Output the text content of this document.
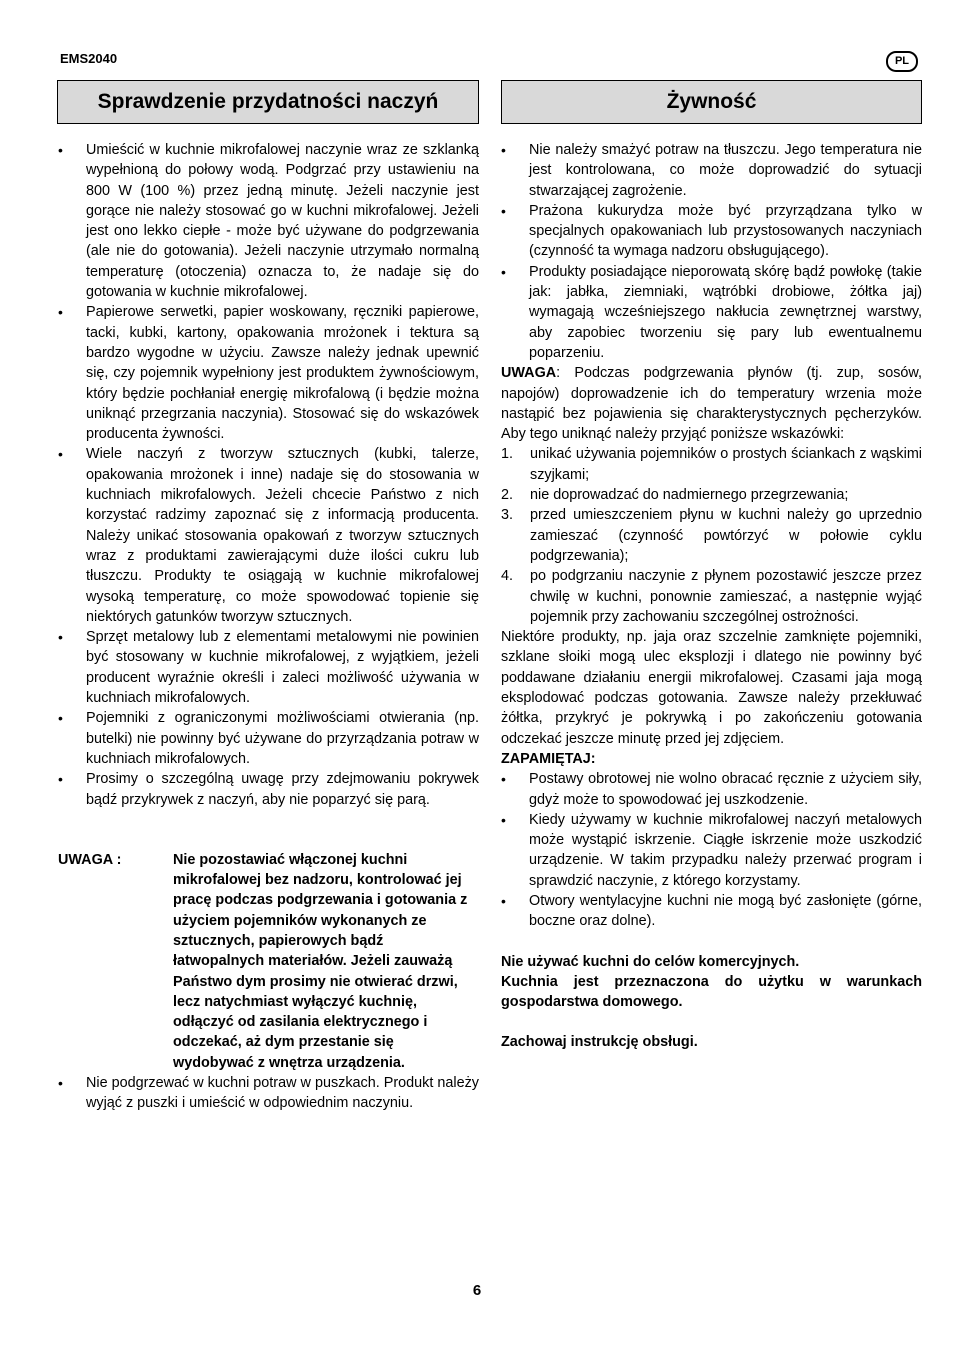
EMS2040	PL
Sprawdzenie przydatności naczyń	Żywność
• Umieścić w kuchnie mikrofalowej naczynie wraz ze szklanką wypełnioną do połowy wodą. Podgrzać przy ustawieniu na 800 W (100 %) przez jedną minutę. Jeżeli naczynie jest gorące nie należy stosować go w kuchni mikrofalowej. Jeżeli jest ono lekko ciepłe - może być używane do podgrzewania (ale nie do gotowania). Jeżeli naczynie utrzymało normalną temperaturę (otoczenia) oznacza to, że nadaje się do gotowania w kuchnie mikrofalowej.
• Papierowe serwetki, papier woskowany, ręczniki papierowe, tacki, kubki, kartony, opakowania mrożonek i tektura są bardzo wygodne w użyciu. Zawsze należy jednak upewnić się, czy pojemnik wypełniony jest produktem żywnościowym, który będzie pochłaniał energię mikrofalową (i będzie można uniknąć przegrzania naczynia). Stosować się do wskazówek producenta żywności.
• Wiele naczyń z tworzyw sztucznych (kubki, talerze, opakowania mrożonek i inne) nadaje się do stosowania w kuchniach mikrofalowych. Jeżeli chcecie Państwo z nich korzystać radzimy zapoznać się z informacją producenta. Należy unikać stosowania opakowań z tworzyw sztucznych wraz z produktami zawierającymi duże ilości cukru lub tłuszczu. Produkty te osiągają w kuchnie mikrofalowej wysoką temperaturę, co może spowodować topienie się niektórych gatunków tworzyw sztucznych.
• Sprzęt metalowy lub z elementami metalowymi nie powinien być stosowany w kuchnie mikrofalowej, z wyjątkiem, jeżeli producent wyraźnie określi i zaleci możliwość używania w kuchniach mikrofalowych.
• Pojemniki z ograniczonymi możliwościami otwierania (np. butelki) nie powinny być używane do przyrządzania potraw w kuchniach mikrofalowych.
• Prosimy o szczególną uwagę przy zdejmowaniu pokrywek bądź przykrywek z naczyń, aby nie poparzyć się parą.
UWAGA :	Nie pozostawiać włączonej kuchni mikrofalowej bez nadzoru, kontrolować jej pracę podczas podgrzewania i gotowania z użyciem pojemników wykonanych ze sztucznych, papierowych bądź łatwopalnych materiałów. Jeżeli zauważą Państwo dym prosimy nie otwierać drzwi, lecz natychmiast wyłączyć kuchnię, odłączyć od zasilania elektrycznego i odczekać, aż dym przestanie się wydobywać z wnętrza urządzenia.
• Nie podgrzewać w kuchni potraw w puszkach. Produkt należy wyjąć z puszki i umieścić w odpowiednim naczyniu.
• Nie należy smażyć potraw na tłuszczu. Jego temperatura nie jest kontrolowana, co może doprowadzić do sytuacji stwarzającej zagrożenie.
• Prażona kukurydza może być przyrządzana tylko w specjalnych opakowaniach lub przystosowanych naczyniach (czynność ta wymaga nadzoru obsługującego).
• Produkty posiadające nieporowatą skórę bądź powłokę (takie jak: jabłka, ziemniaki, wątróbki drobiowe, żółtka jaj) wymagają wcześniejszego nakłucia zewnętrznej warstwy, aby zapobiec tworzeniu się pary lub ewentualnemu poparzeniu.

UWAGA: Podczas podgrzewania płynów (tj. zup, sosów, napojów) doprowadzenie ich do temperatury wrzenia może nastąpić bez pojawienia się charakterystycznych pęcherzyków. Aby tego uniknąć należy przyjąć poniższe wskazówki:

1. unikać używania pojemników o prostych ściankach z wąskimi szyjkami;
2. nie doprowadzać do nadmiernego przegrzewania;
3. przed umieszczeniem płynu w kuchni należy go uprzednio zamieszać (czynność powtórzyć w połowie cyklu podgrzewania);
4. po podgrzaniu naczynie z płynem pozostawić jeszcze przez chwilę w kuchni, ponownie zamieszać, a następnie wyjąć pojemnik przy zachowaniu szczególnej ostrożności.

Niektóre produkty, np. jaja oraz szczelnie zamknięte pojemniki, szklane słoiki mogą ulec eksplozji i dlatego nie powinny być poddawane działaniu energii mikrofalowej. Czasami jaja mogą eksplodować podczas gotowania. Zawsze należy przekłuwać żółtka, przykryć je pokrywką i po zakończeniu gotowania odczekać jeszcze minutę przed jej zdjęciem.

ZAPAMIĘTAJ:

• Postawy obrotowej nie wolno obracać ręcznie z użyciem siły, gdyż może to spowodować jej uszkodzenie.
• Kiedy używamy w kuchnie mikrofalowej naczyń metalowych może wystąpić iskrzenie. Ciągłe iskrzenie może uszkodzić urządzenie. W takim przypadku należy przerwać program i sprawdzić naczynie, z którego korzystamy.
• Otwory wentylacyjne kuchni nie mogą być zasłonięte (górne, boczne oraz dolne).

Nie używać kuchni do celów komercyjnych.

Kuchnia jest przeznaczona do użytku w warunkach gospodarstwa domowego.

Zachowaj instrukcję obsługi.

6
